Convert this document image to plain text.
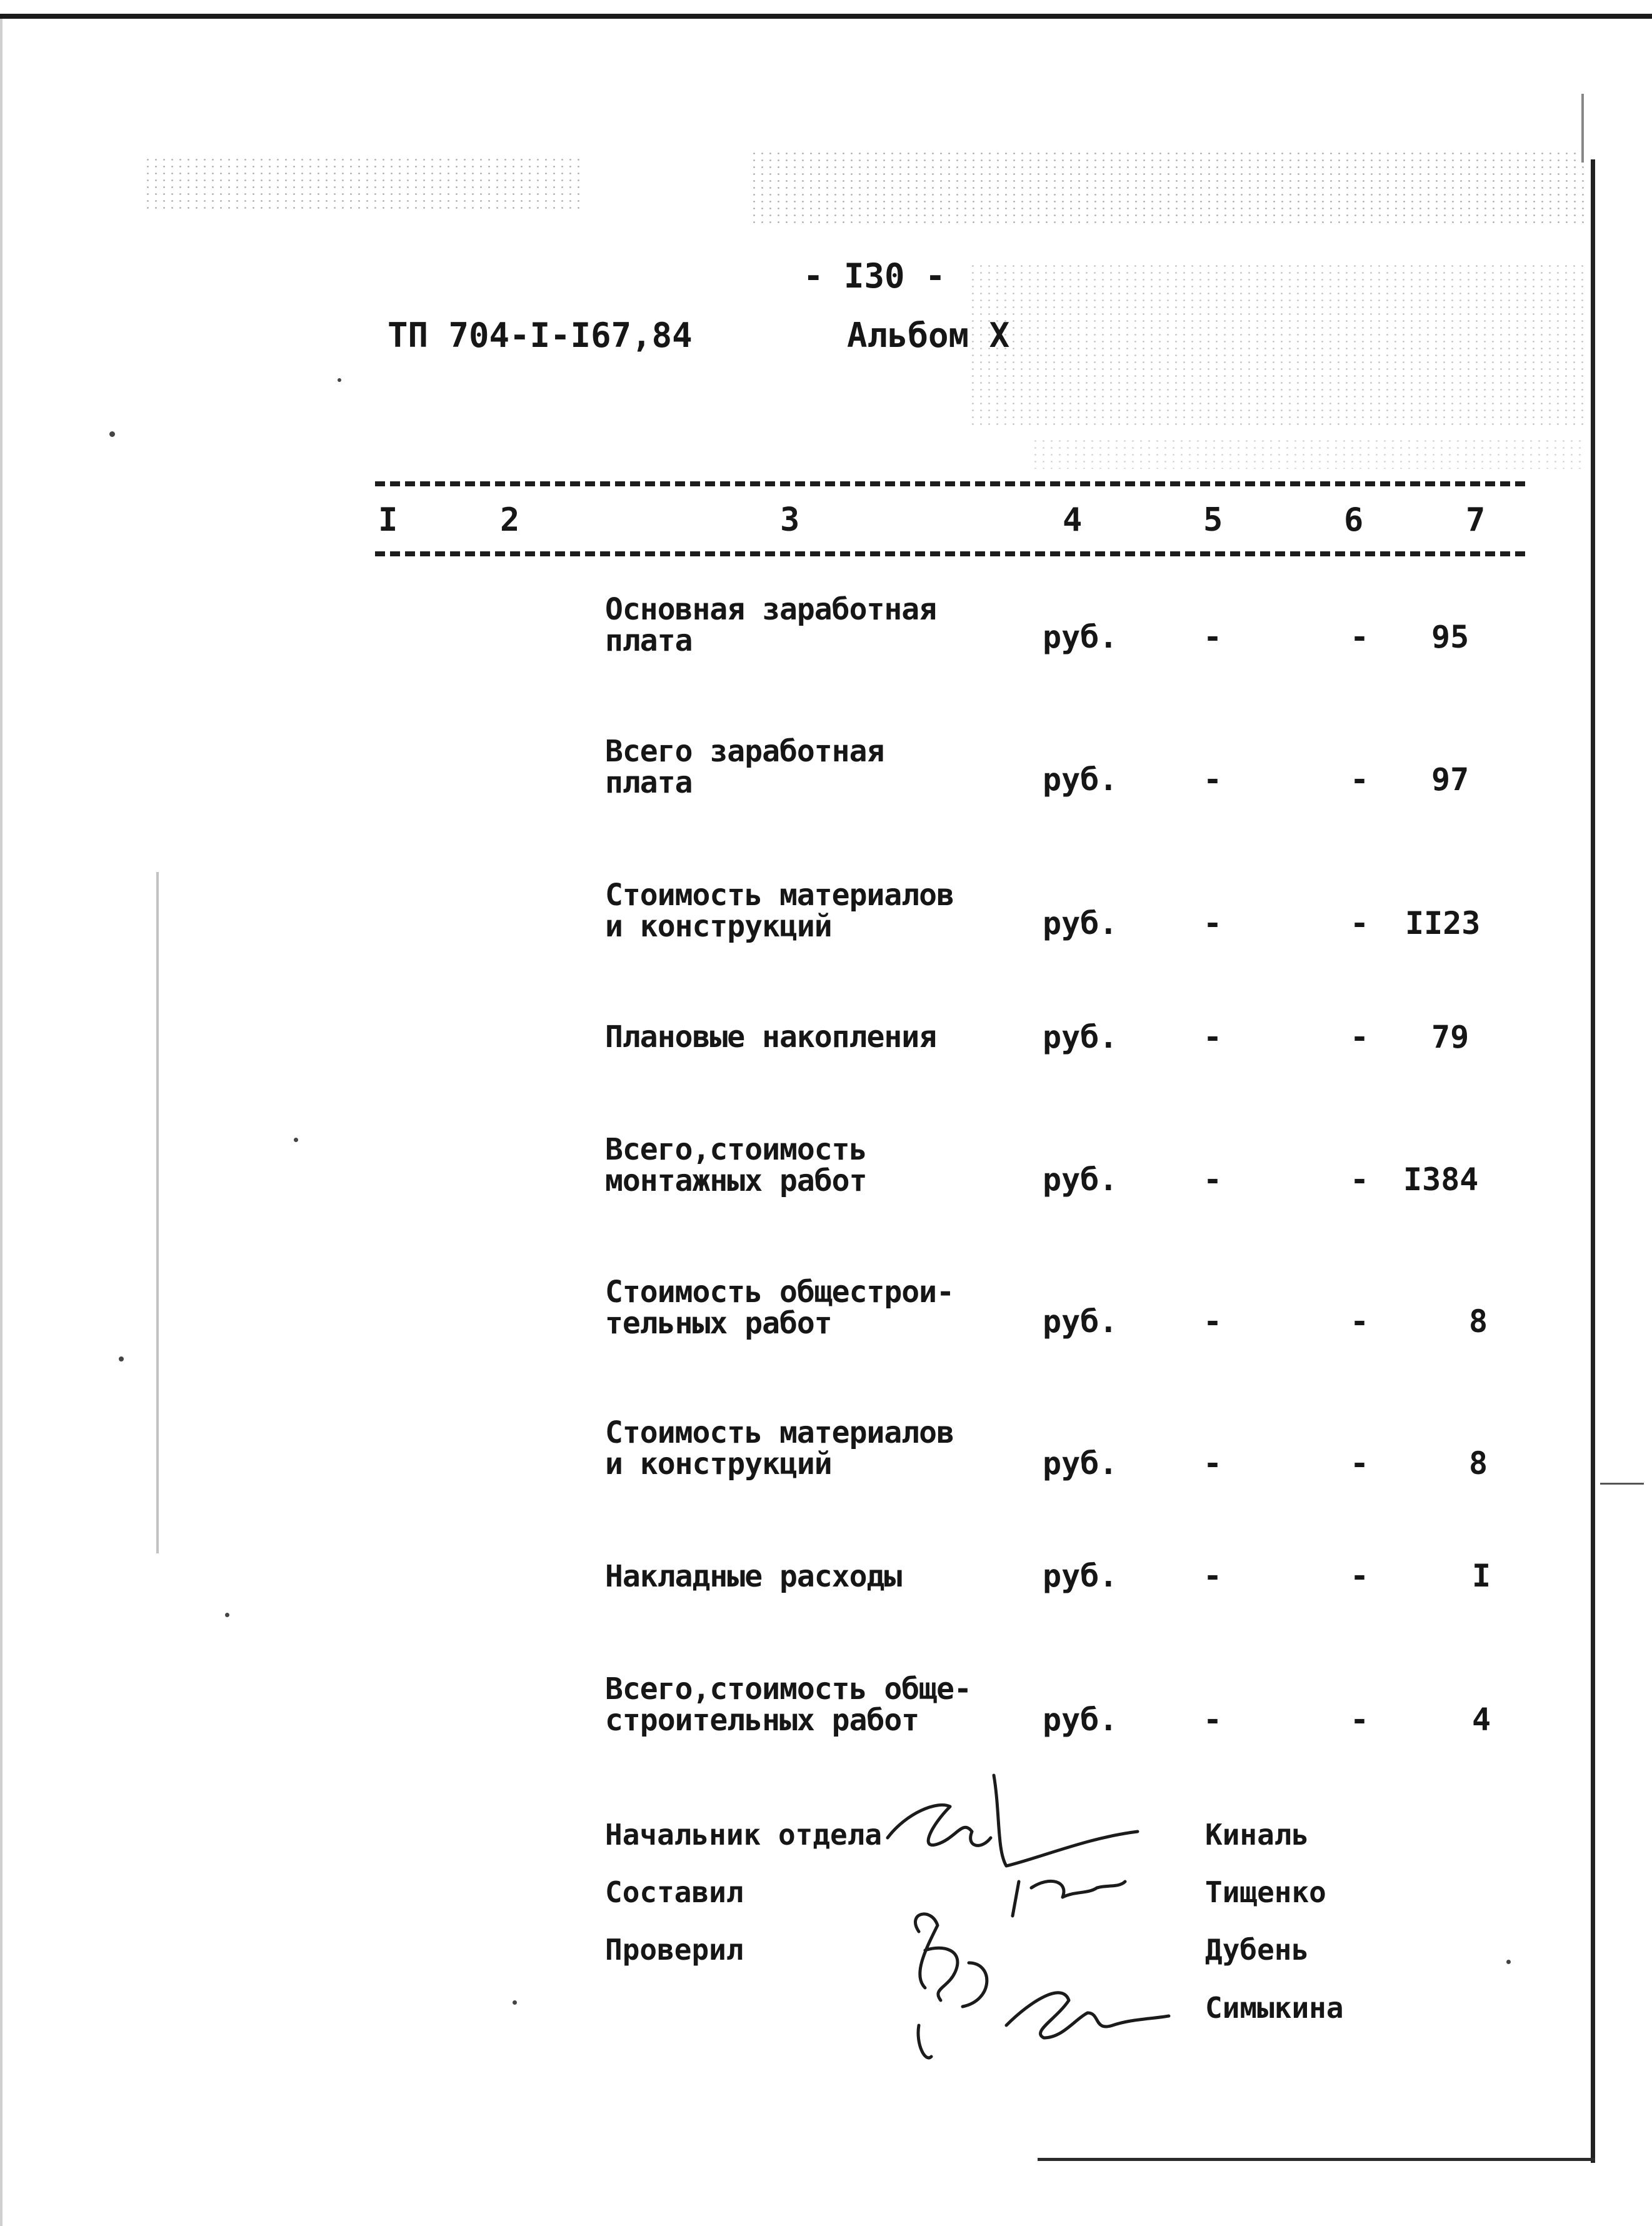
- I30 -
ТП 704-I-I67,84	Альбом X
I	2	3	4	5	6	7
Основная заработная
плата	руб.	-	- 95
Всего заработная
плата	руб.	-	- 97
Стоимость материалов
и конструкций	руб.	-	- II23
Плановые накопления	руб.	-	- 79
Всего,стоимость
монтажных работ	руб.	-	- I384
Стоимость общестрои-
тельных работ	руб.	-	-	8
Стоимость материалов
и конструкций	руб.	-	-	8
Накладные расходы	руб.	-	-	I
Всего,стоимость обще-
строительных работ	руб.	-	-	4
Начальник отдела	Киналь
Составил	Тищенко
Проверил	Дубень
Симыкина
